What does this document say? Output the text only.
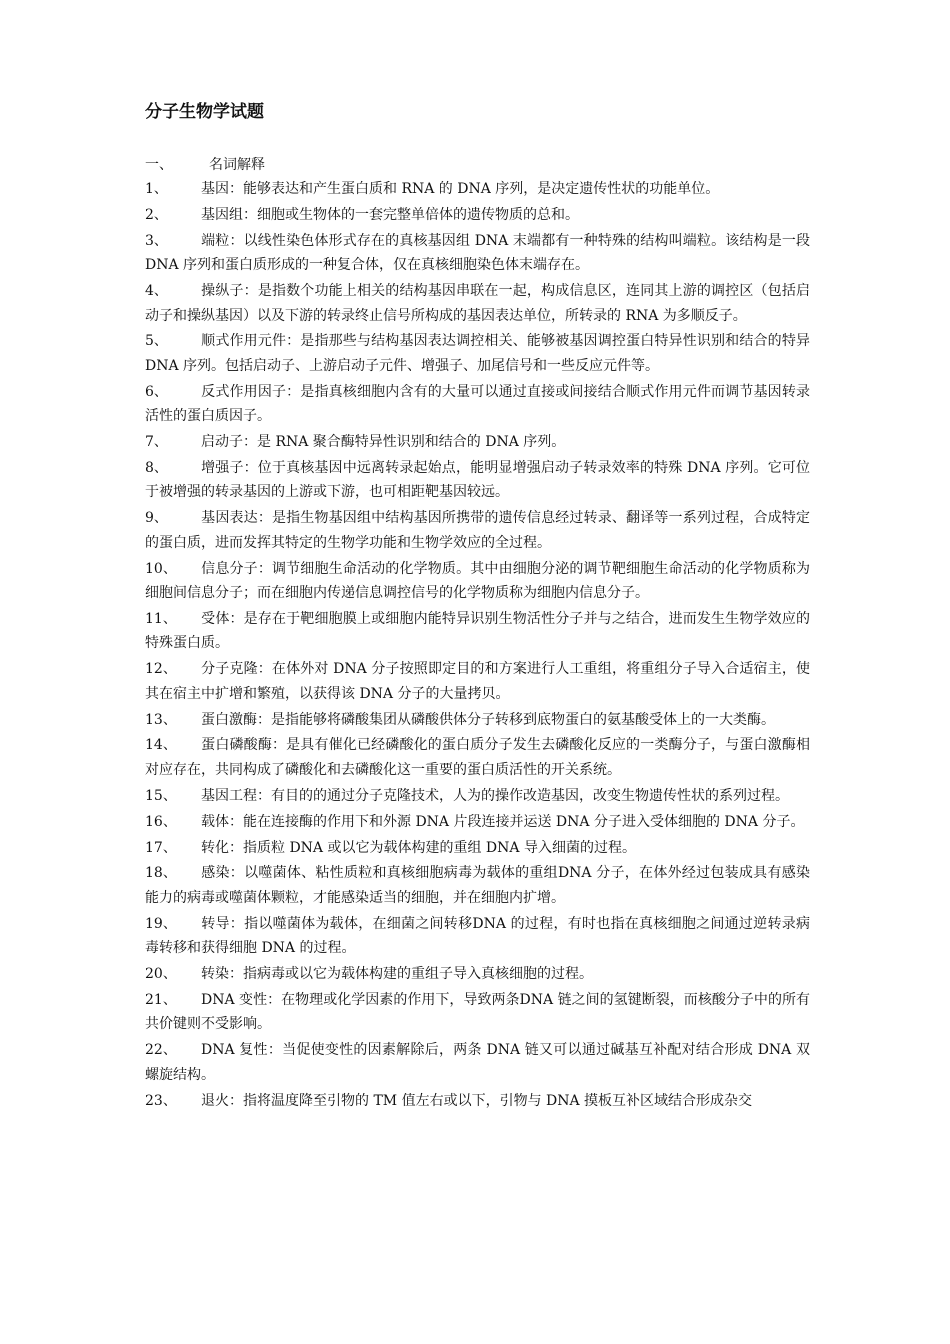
分子生物学试题
一、	名词解释
1、 基因：能够表达和产生蛋白质和 RNA 的 DNA 序列，是决定遗传性状的功能单位。
2、 基因组：细胞或生物体的一套完整单倍体的遗传物质的总和。
3、 端粒：以线性染色体形式存在的真核基因组 DNA 末端都有一种特殊的结构叫端粒。该结构是一段 DNA 序列和蛋白质形成的一种复合体，仅在真核细胞染色体末端存在。
4、 操纵子：是指数个功能上相关的结构基因串联在一起，构成信息区，连同其上游的调控区（包括启动子和操纵基因）以及下游的转录终止信号所构成的基因表达单位，所转录的 RNA 为多顺反子。
5、 顺式作用元件：是指那些与结构基因表达调控相关、能够被基因调控蛋白特异性识别和结合的特异 DNA 序列。包括启动子、上游启动子元件、增强子、加尾信号和一些反应元件等。
6、 反式作用因子：是指真核细胞内含有的大量可以通过直接或间接结合顺式作用元件而调节基因转录活性的蛋白质因子。
7、 启动子：是 RNA 聚合酶特异性识别和结合的 DNA 序列。
8、 增强子：位于真核基因中远离转录起始点，能明显增强启动子转录效率的特殊 DNA 序列。它可位于被增强的转录基因的上游或下游，也可相距靶基因较远。
9、 基因表达：是指生物基因组中结构基因所携带的遗传信息经过转录、翻译等一系列过程，合成特定的蛋白质，进而发挥其特定的生物学功能和生物学效应的全过程。
10、 信息分子：调节细胞生命活动的化学物质。其中由细胞分泌的调节靶细胞生命活动的化学物质称为细胞间信息分子；而在细胞内传递信息调控信号的化学物质称为细胞内信息分子。
11、 受体：是存在于靶细胞膜上或细胞内能特异识别生物活性分子并与之结合，进而发生生物学效应的特殊蛋白质。
12、 分子克隆：在体外对 DNA 分子按照即定目的和方案进行人工重组，将重组分子导入合适宿主，使其在宿主中扩增和繁殖，以获得该 DNA 分子的大量拷贝。
13、 蛋白激酶：是指能够将磷酸集团从磷酸供体分子转移到底物蛋白的氨基酸受体上的一大类酶。
14、 蛋白磷酸酶：是具有催化已经磷酸化的蛋白质分子发生去磷酸化反应的一类酶分子，与蛋白激酶相对应存在，共同构成了磷酸化和去磷酸化这一重要的蛋白质活性的开关系统。
15、 基因工程：有目的的通过分子克隆技术，人为的操作改造基因，改变生物遗传性状的系列过程。
16、 载体：能在连接酶的作用下和外源 DNA 片段连接并运送 DNA 分子进入受体细胞的 DNA 分子。
17、 转化：指质粒 DNA 或以它为载体构建的重组 DNA 导入细菌的过程。
18、 感染：以噬菌体、粘性质粒和真核细胞病毒为载体的重组DNA 分子，在体外经过包装成具有感染能力的病毒或噬菌体颗粒，才能感染适当的细胞，并在细胞内扩增。
19、 转导：指以噬菌体为载体，在细菌之间转移DNA 的过程，有时也指在真核细胞之间通过逆转录病毒转移和获得细胞 DNA 的过程。
20、 转染：指病毒或以它为载体构建的重组子导入真核细胞的过程。
21、 DNA 变性：在物理或化学因素的作用下，导致两条DNA 链之间的氢键断裂，而核酸分子中的所有共价键则不受影响。
22、 DNA 复性：当促使变性的因素解除后，两条 DNA 链又可以通过碱基互补配对结合形成 DNA 双螺旋结构。
23、 退火：指将温度降至引物的 TM 值左右或以下，引物与 DNA 摸板互补区域结合形成杂交
